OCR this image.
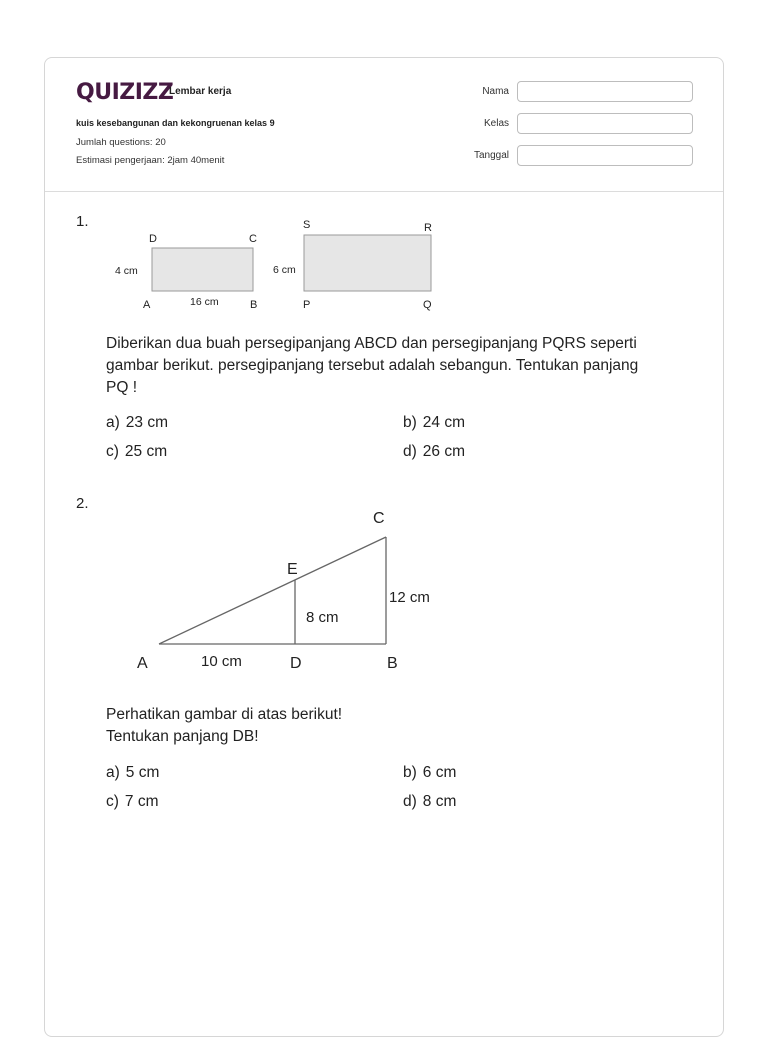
QUIZIZZ
Lembar kerja
kuis kesebangunan dan kekongruenan kelas 9
Jumlah questions: 20
Estimasi pengerjaan: 2jam 40menit
Nama
Kelas
Tanggal
1.
D	C
A	B
4 cm
16 cm
S	R
P	Q
6 cm
Diberikan dua buah persegipanjang ABCD dan persegipanjang PQRS seperti
gambar berikut. persegipanjang tersebut adalah sebangun. Tentukan panjang
PQ !
a) 23 cm	b) 24 cm
c) 25 cm	d) 26 cm
2.
A	D	B
C
E
10 cm
8 cm
12 cm
Perhatikan gambar di atas berikut!
Tentukan panjang DB!
a) 5 cm	b) 6 cm
c) 7 cm	d) 8 cm
